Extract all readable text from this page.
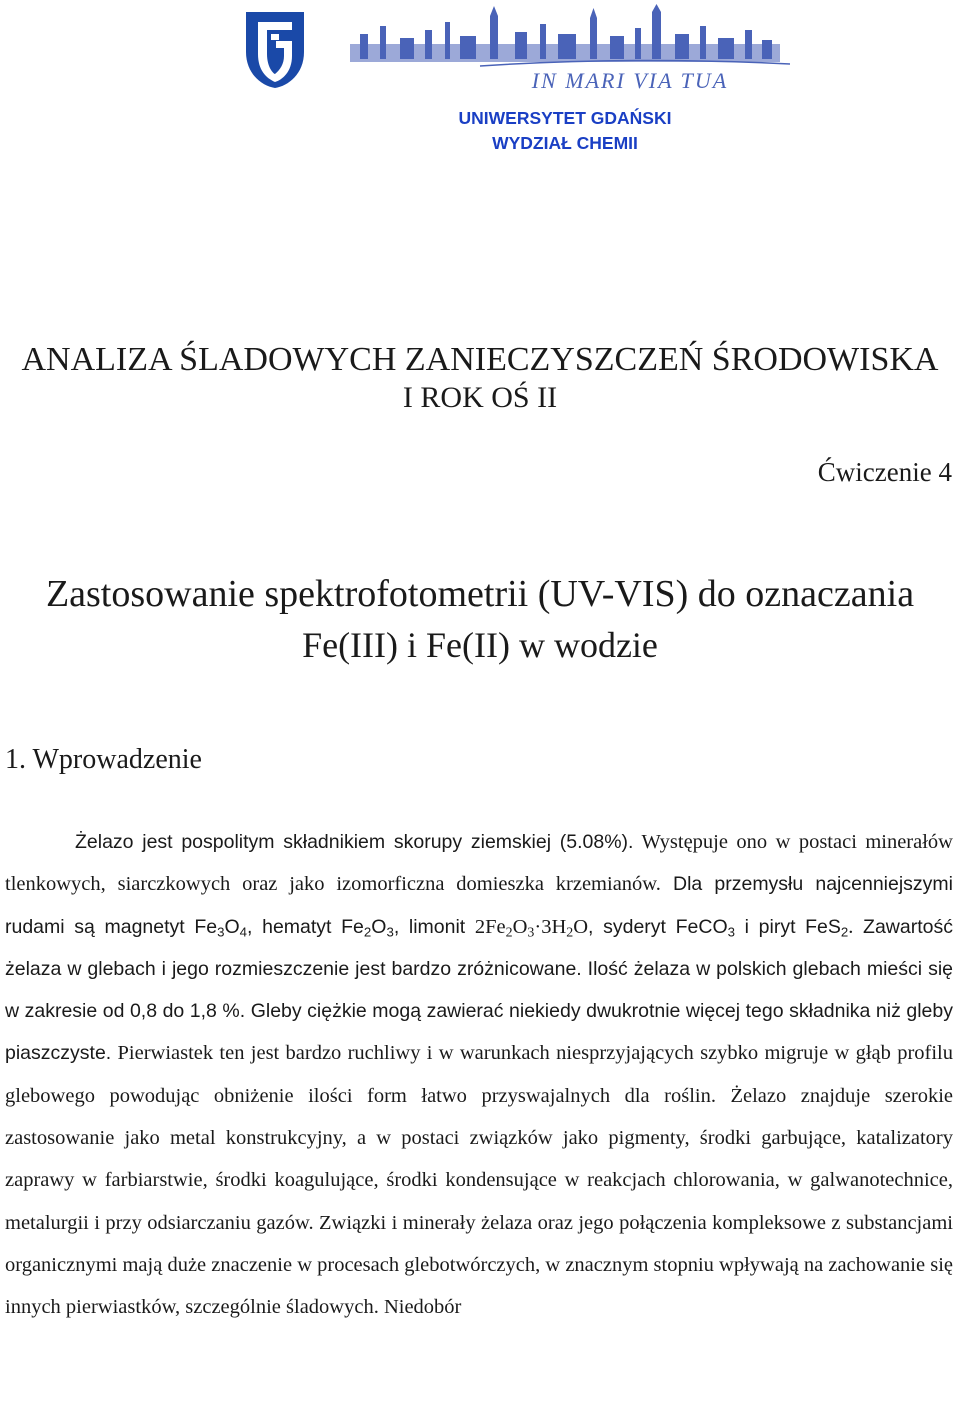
IN MARI VIA TUA
UNIWERSYTET GDAŃSKI
WYDZIAŁ CHEMII
ANALIZA ŚLADOWYCH ZANIECZYSZCZEŃ ŚRODOWISKA
I ROK OŚ II
Ćwiczenie 4
Zastosowanie spektrofotometrii (UV-VIS) do oznaczania
Fe(III) i Fe(II) w wodzie
1. Wprowadzenie
Żelazo jest pospolitym składnikiem skorupy ziemskiej (5.08%). Występuje ono w postaci minerałów tlenkowych, siarczkowych oraz jako izomorficzna domieszka krzemianów. Dla przemysłu najcenniejszymi rudami są magnetyt $Fe_3O_4$, hematyt $Fe_2O_3$, limonit $2Fe_2O_3\cdot 3H_2O$, syderyt FeCO$_3$ i piryt FeS$_2$. Zawartość żelaza w glebach i jego rozmieszczenie jest bardzo zróżnicowane. Ilość żelaza w polskich glebach mieści się w zakresie od 0,8 do 1,8 %. Gleby ciężkie mogą zawierać niekiedy dwukrotnie więcej tego składnika niż gleby piaszczyste. Pierwiastek ten jest bardzo ruchliwy i w warunkach niesprzyjających szybko migruje w głąb profilu glebowego powodując obniżenie ilości form łatwo przyswajalnych dla roślin. Żelazo znajduje szerokie zastosowanie jako metal konstrukcyjny, a w postaci związków jako pigmenty, środki garbujące, katalizatory zaprawy w farbiarstwie, środki koagulujące, środki kondensujące w reakcjach chlorowania, w galwanotechnice, metalurgii i przy odsiarczaniu gazów. Związki i minerały żelaza oraz jego połączenia kompleksowe z substancjami organicznymi mają duże znaczenie w procesach glebotwórczych, w znacznym stopniu wpływają na zachowanie się innych pierwiastków, szczególnie śladowych. Niedobór
